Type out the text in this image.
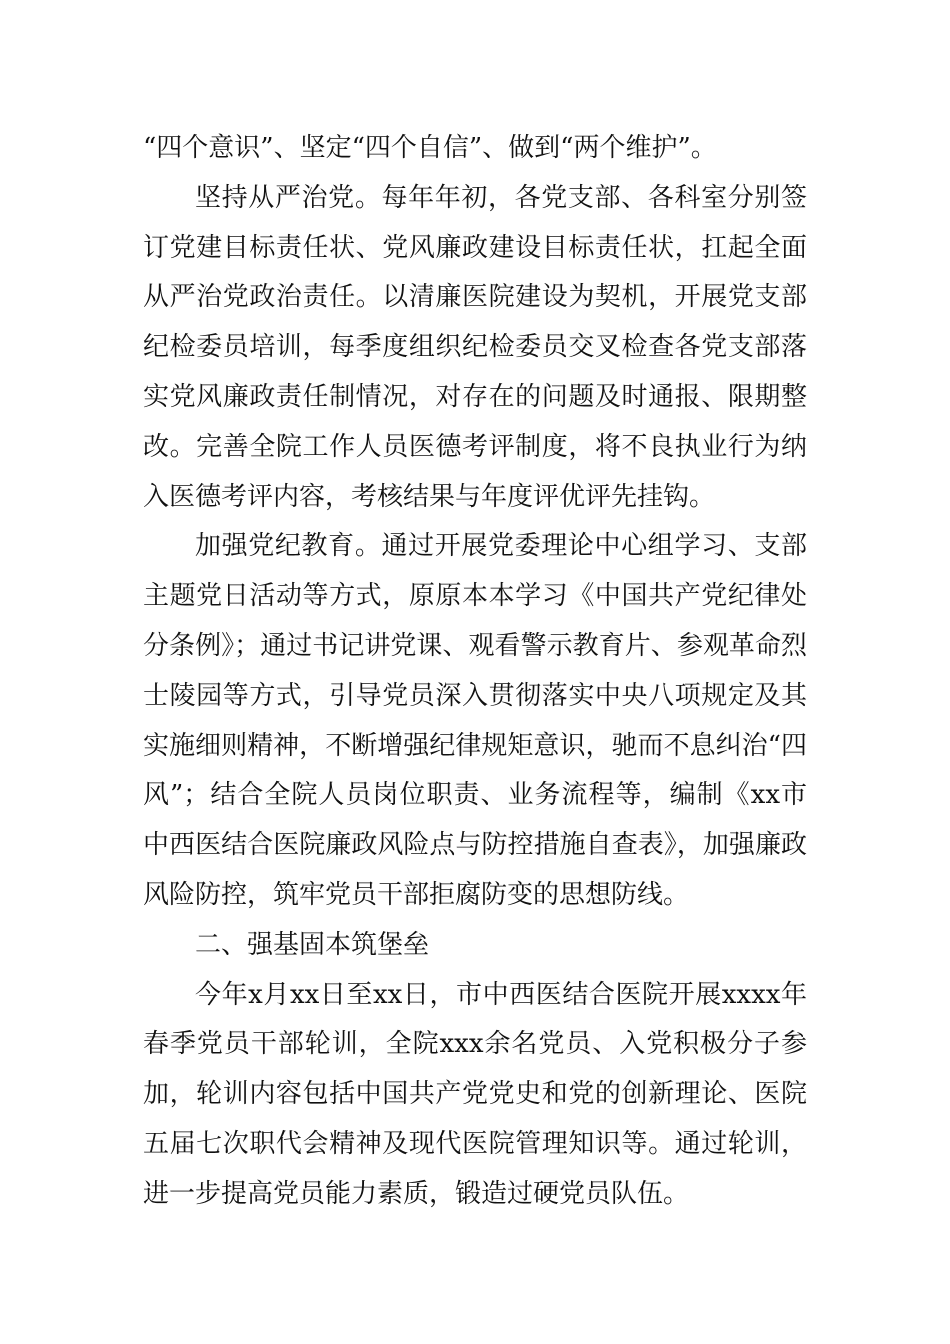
“四个意识”、坚定“四个自信”、做到“两个维护”。

坚持从严治党。每年年初，各党支部、各科室分别签订党建目标责任状、党风廉政建设目标责任状，扛起全面从严治党政治责任。以清廉医院建设为契机，开展党支部纪检委员培训，每季度组织纪检委员交叉检查各党支部落实党风廉政责任制情况，对存在的问题及时通报、限期整改。完善全院工作人员医德考评制度，将不良执业行为纳入医德考评内容，考核结果与年度评优评先挂钩。

加强党纪教育。通过开展党委理论中心组学习、支部主题党日活动等方式，原原本本学习《中国共产党纪律处分条例》；通过书记讲党课、观看警示教育片、参观革命烈士陵园等方式，引导党员深入贯彻落实中央八项规定及其实施细则精神，不断增强纪律规矩意识，驰而不息纠治“四风”；结合全院人员岗位职责、业务流程等，编制《xx市中西医结合医院廉政风险点与防控措施自查表》，加强廉政风险防控，筑牢党员干部拒腐防变的思想防线。

二、强基固本筑堡垒

今年x月xx日至xx日，市中西医结合医院开展xxxx年春季党员干部轮训，全院xxx余名党员、入党积极分子参加，轮训内容包括中国共产党党史和党的创新理论、医院五届七次职代会精神及现代医院管理知识等。通过轮训，进一步提高党员能力素质，锻造过硬党员队伍。
